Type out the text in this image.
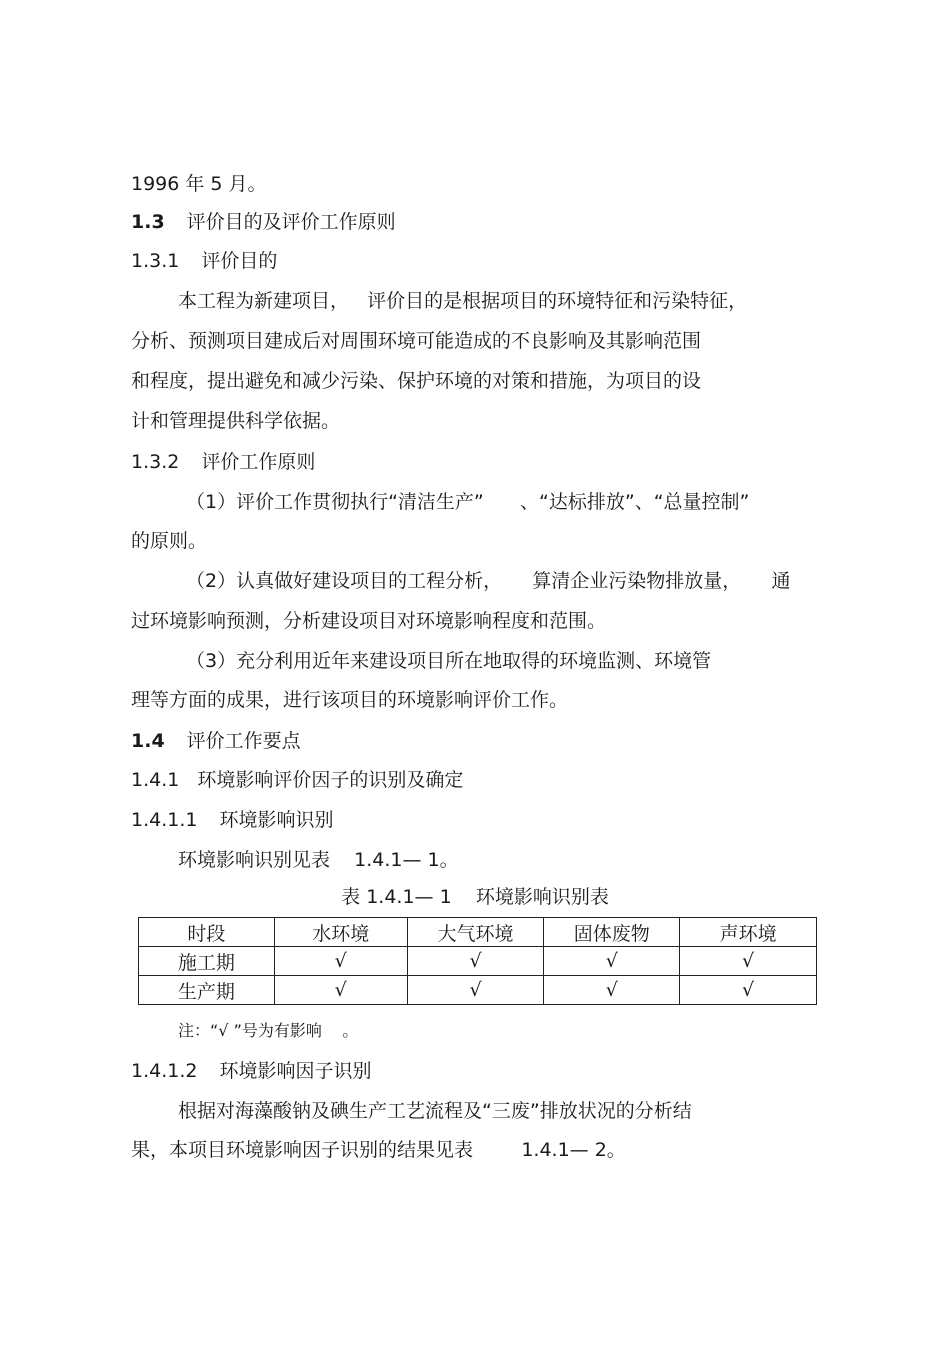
1996 年 5 月。

1.3 评价目的及评价工作原则

1.3.1 评价目的

本工程为新建项目，   评价目的是根据项目的环境特征和污染特征，

分析、预测项目建成后对周围环境可能造成的不良影响及其影响范围

和程度，提出避免和减少污染、保护环境的对策和措施，为项目的设

计和管理提供科学依据。

1.3.2 评价工作原则

（1）评价工作贯彻执行“清洁生产”      、“达标排放”、“总量控制”

的原则。

（2）认真做好建设项目的工程分析，     算清企业污染物排放量，     通

过环境影响预测，分析建设项目对环境影响程度和范围。

（3）充分利用近年来建设项目所在地取得的环境监测、环境管

理等方面的成果，进行该项目的环境影响评价工作。

1.4 评价工作要点

1.4.1 环境影响评价因子的识别及确定

1.4.1.1 环境影响识别

环境影响识别见表    1.4.1— 1。

表 1.4.1— 1    环境影响识别表

时段	水环境	大气环境	固体废物	声环境
施工期	√	√	√	√
生产期	√	√	√	√

注：“√ ”号为有影响    。

1.4.1.2 环境影响因子识别

根据对海藻酸钠及碘生产工艺流程及“三废”排放状况的分析结

果，本项目环境影响因子识别的结果见表        1.4.1— 2。
